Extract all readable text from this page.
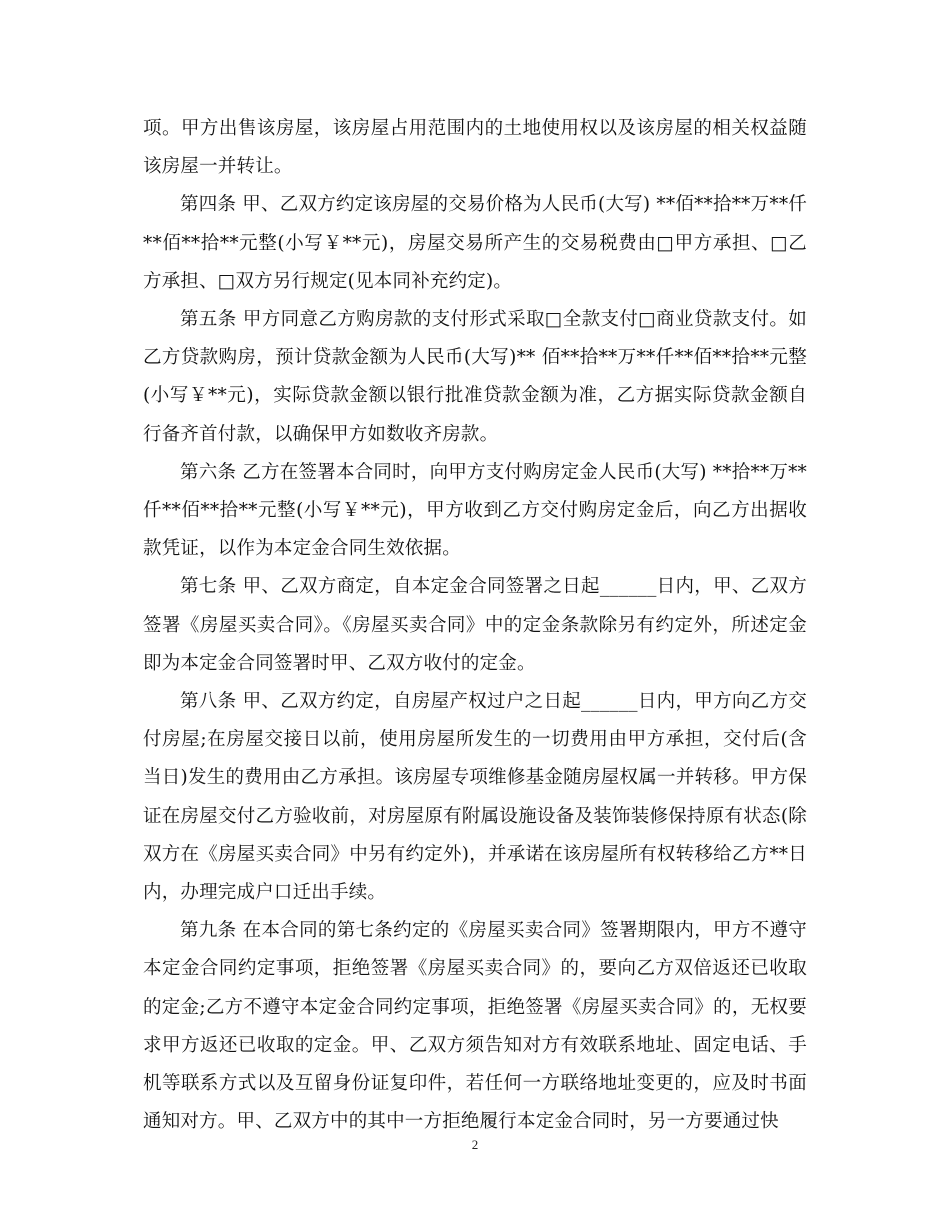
项。甲方出售该房屋，该房屋占用范围内的土地使用权以及该房屋的相关权益随该房屋一并转让。

第四条 甲、乙双方约定该房屋的交易价格为人民币(大写) **佰**拾**万**仟**佰**拾**元整(小写￥**元)，房屋交易所产生的交易税费由□甲方承担、□乙方承担、□双方另行规定(见本同补充约定)。

第五条 甲方同意乙方购房款的支付形式采取□全款支付□商业贷款支付。如乙方贷款购房，预计贷款金额为人民币(大写)** 佰**拾**万**仟**佰**拾**元整(小写￥**元)，实际贷款金额以银行批准贷款金额为准，乙方据实际贷款金额自行备齐首付款，以确保甲方如数收齐房款。

第六条 乙方在签署本合同时，向甲方支付购房定金人民币(大写) **拾**万**仟**佰**拾**元整(小写￥**元)，甲方收到乙方交付购房定金后，向乙方出据收款凭证，以作为本定金合同生效依据。

第七条 甲、乙双方商定，自本定金合同签署之日起______日内，甲、乙双方签署《房屋买卖合同》。《房屋买卖合同》中的定金条款除另有约定外，所述定金即为本定金合同签署时甲、乙双方收付的定金。

第八条 甲、乙双方约定，自房屋产权过户之日起______日内，甲方向乙方交付房屋;在房屋交接日以前，使用房屋所发生的一切费用由甲方承担，交付后(含当日)发生的费用由乙方承担。该房屋专项维修基金随房屋权属一并转移。甲方保证在房屋交付乙方验收前，对房屋原有附属设施设备及装饰装修保持原有状态(除双方在《房屋买卖合同》中另有约定外)，并承诺在该房屋所有权转移给乙方**日内，办理完成户口迁出手续。

第九条 在本合同的第七条约定的《房屋买卖合同》签署期限内，甲方不遵守本定金合同约定事项，拒绝签署《房屋买卖合同》的，要向乙方双倍返还已收取的定金;乙方不遵守本定金合同约定事项，拒绝签署《房屋买卖合同》的，无权要求甲方返还已收取的定金。甲、乙双方须告知对方有效联系地址、固定电话、手机等联系方式以及互留身份证复印件，若任何一方联络地址变更的，应及时书面通知对方。甲、乙双方中的其中一方拒绝履行本定金合同时，另一方要通过快

2
